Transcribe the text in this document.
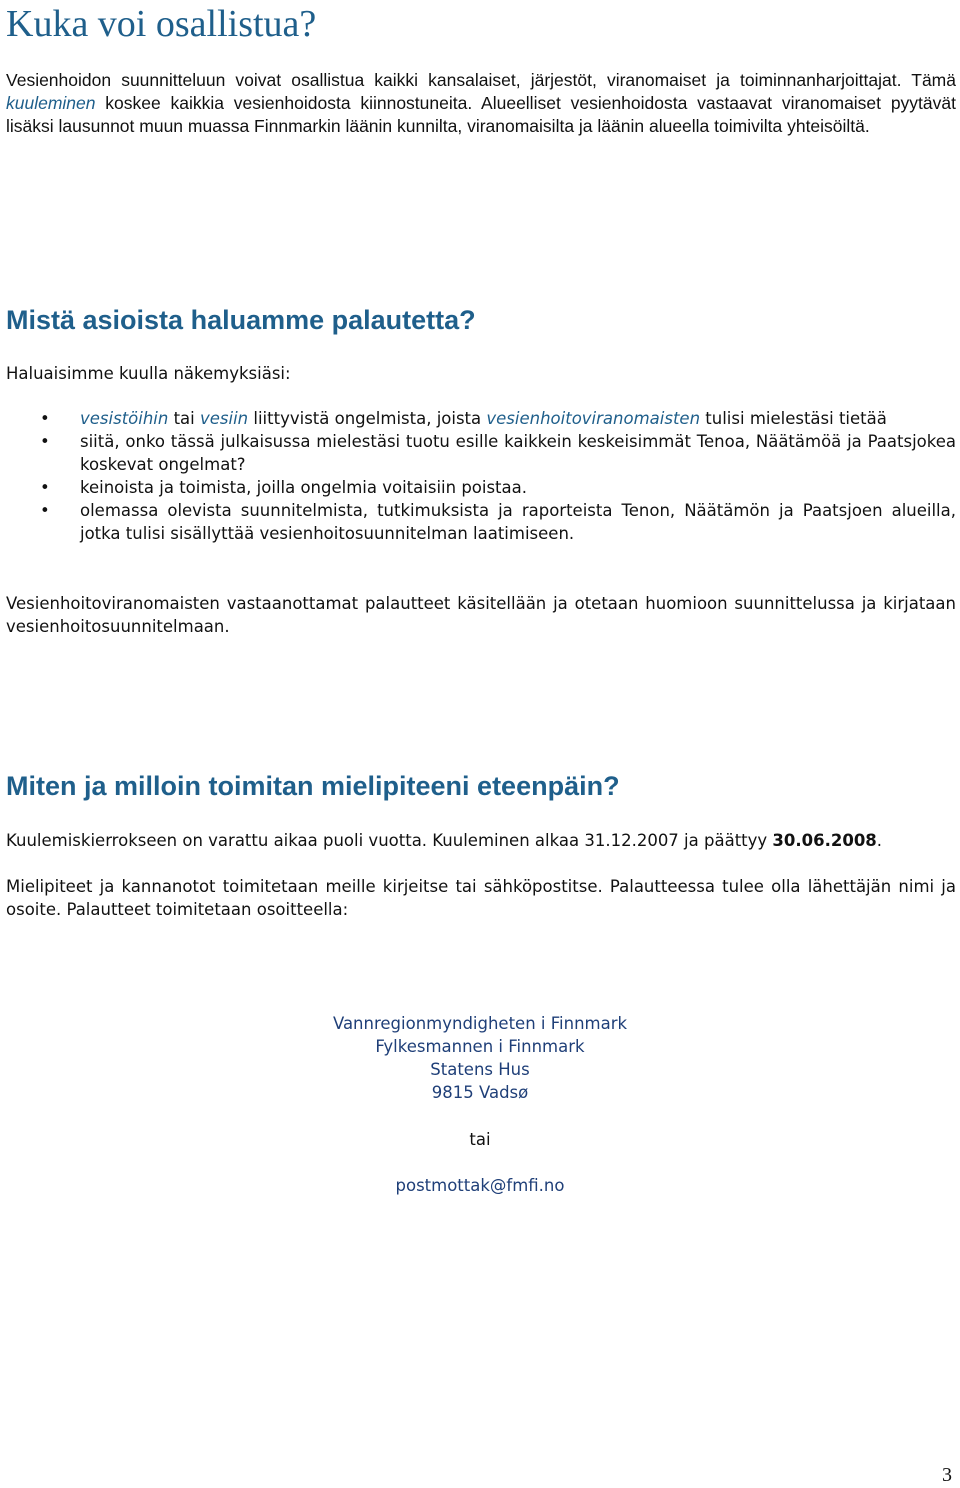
Kuka voi osallistua?

Vesienhoidon suunnitteluun voivat osallistua kaikki kansalaiset, järjestöt, viranomaiset ja toiminnanharjoittajat. Tämä kuuleminen koskee kaikkia vesienhoidosta kiinnostuneita. Alueelliset vesienhoidosta vastaavat viranomaiset pyytävät lisäksi lausunnot muun muassa Finnmarkin läänin kunnilta, viranomaisilta ja läänin alueella toimivilta yhteisöiltä.

Mistä asioista haluamme palautetta?

Haluaisimme kuulla näkemyksiäsi:

• vesistöihin tai vesiin liittyvistä ongelmista, joista vesienhoitoviranomaisten tulisi mielestäsi tietää
• siitä, onko tässä julkaisussa mielestäsi tuotu esille kaikkein keskeisimmät Tenoa, Näätämöä ja Paatsjokea koskevat ongelmat?
• keinoista ja toimista, joilla ongelmia voitaisiin poistaa.
• olemassa olevista suunnitelmista, tutkimuksista ja raporteista Tenon, Näätämön ja Paatsjoen alueilla, jotka tulisi sisällyttää vesienhoitosuunnitelman laatimiseen.

Vesienhoitoviranomaisten vastaanottamat palautteet käsitellään ja otetaan huomioon suunnittelussa ja kirjataan vesienhoitosuunnitelmaan.

Miten ja milloin toimitan mielipiteeni eteenpäin?

Kuulemiskierrokseen on varattu aikaa puoli vuotta. Kuuleminen alkaa 31.12.2007 ja päättyy 30.06.2008.

Mielipiteet ja kannanotot toimitetaan meille kirjeitse tai sähköpostitse. Palautteessa tulee olla lähettäjän nimi ja osoite. Palautteet toimitetaan osoitteella:

Vannregionmyndigheten i Finnmark
Fylkesmannen i Finnmark
Statens Hus
9815 Vadsø
tai
postmottak@fmfi.no
3
